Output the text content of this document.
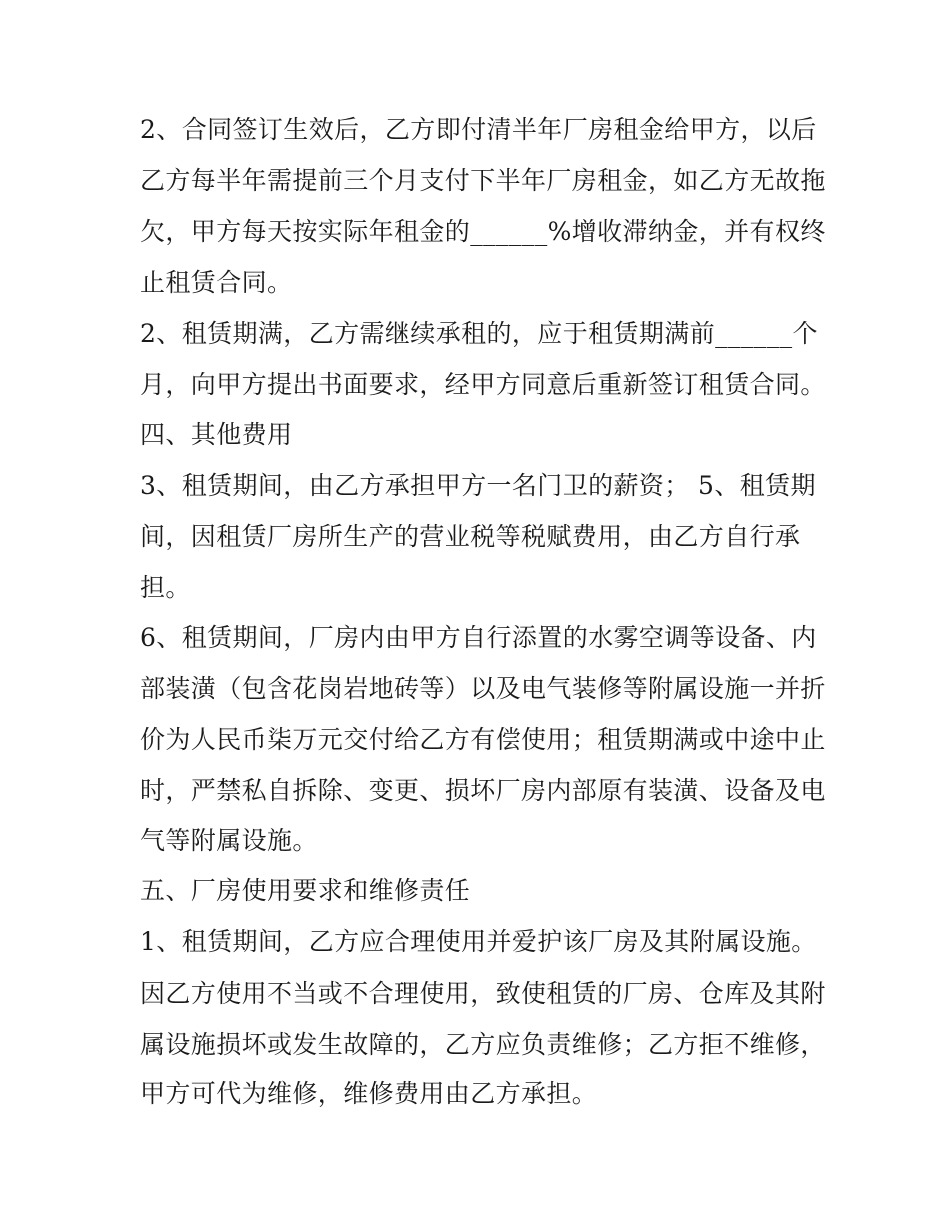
2、合同签订生效后，乙方即付清半年厂房租金给甲方，以后
乙方每半年需提前三个月支付下半年厂房租金，如乙方无故拖
欠，甲方每天按实际年租金的______%增收滞纳金，并有权终
止租赁合同。
2、租赁期满，乙方需继续承租的，应于租赁期满前______个
月，向甲方提出书面要求，经甲方同意后重新签订租赁合同。
四、其他费用
3、租赁期间，由乙方承担甲方一名门卫的薪资； 5、租赁期
间，因租赁厂房所生产的营业税等税赋费用，由乙方自行承
担。
6、租赁期间，厂房内由甲方自行添置的水雾空调等设备、内
部装潢（包含花岗岩地砖等）以及电气装修等附属设施一并折
价为人民币柒万元交付给乙方有偿使用；租赁期满或中途中止
时，严禁私自拆除、变更、损坏厂房内部原有装潢、设备及电
气等附属设施。
五、厂房使用要求和维修责任
1、租赁期间，乙方应合理使用并爱护该厂房及其附属设施。
因乙方使用不当或不合理使用，致使租赁的厂房、仓库及其附
属设施损坏或发生故障的，乙方应负责维修；乙方拒不维修，
甲方可代为维修，维修费用由乙方承担。
